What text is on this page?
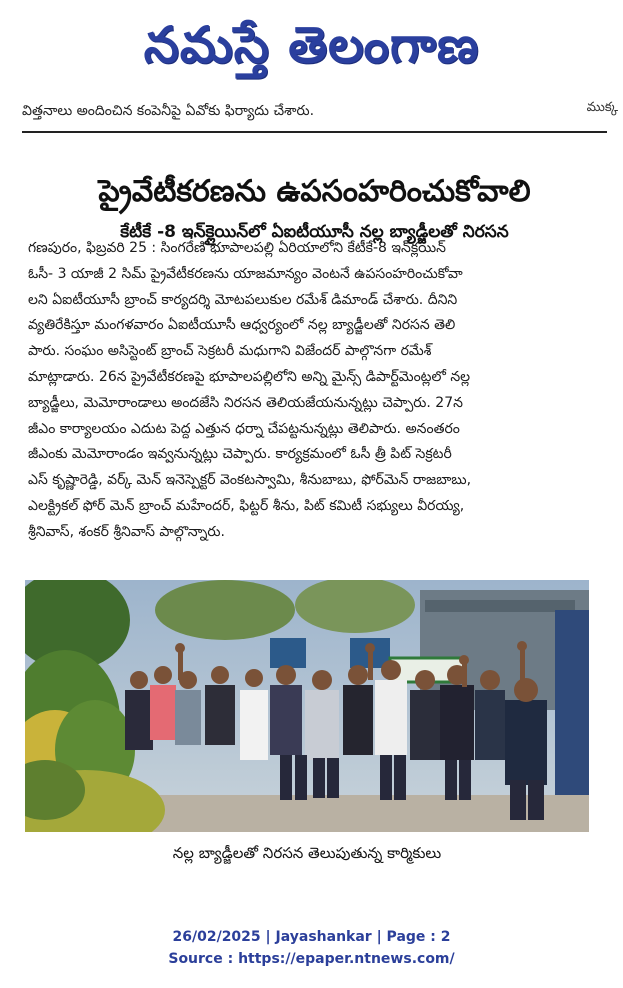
నమస్తే తెలంగాణ
విత్తనాలు అందించిన కంపెనీపై ఏవోకు ఫిర్యాదు చేశారు.	ముక్క
ప్రైవేటీకరణను ఉపసంహరించుకోవాలి
కేటీకే -8 ఇన్‌క్లైయిన్‌లో ఏఐటీయూసీ నల్ల బ్యాడ్జీలతో నిరసన
గణపురం, ఫిబ్రవరి 25 : సింగరేణి భూపాలపల్లి ఏరియాలోని కేటీకే-8 ఇన్‌క్లయిన్
ఓసీ- 3 యాజీ 2 సిమ్ ప్రైవేటీకరణను యాజమాన్యం వెంటనే ఉపసంహరించుకోవా
లని ఏఐటీయూసీ బ్రాంచ్ కార్యదర్శి మోటపలుకుల రమేశ్ డిమాండ్ చేశారు. దీనిని
వ్యతిరేకిస్తూ మంగళవారం ఏఐటీయూసీ ఆధ్వర్యంలో నల్ల బ్యాడ్జీలతో నిరసన తెలి
పారు. సంఘం అసిస్టెంట్ బ్రాంచ్ సెక్రటరీ మధుగాని విజేందర్ పాల్గొనగా రమేశ్
మాట్లాడారు. 26న ప్రైవేటీకరణపై భూపాలపల్లిలోని అన్ని మైన్స్ డిపార్ట్‌మెంట్లలో నల్ల
బ్యాడ్జీలు, మెమోరాండాలు అందజేసి నిరసన తెలియజేయనున్నట్లు చెప్పారు. 27న
జీఎం కార్యాలయం ఎదుట పెద్ద ఎత్తున ధర్నా చేపట్టనున్నట్లు తెలిపారు. అనంతరం
జీఎంకు మెమోరాండం ఇవ్వనున్నట్లు చెప్పారు. కార్యక్రమంలో ఓసీ త్రీ పిట్ సెక్రటరీ
ఎస్ కృష్ణారెడ్డి, వర్క్ మెన్ ఇనెస్పెక్టర్ వెంకటస్వామి, శీనుబాబు, ఫోర్‌మెన్ రాజబాబు,
ఎలక్ట్రికల్ ఫోర్ మెన్ బ్రాంచ్ మహేందర్, ఫిట్టర్ శీను, పిట్ కమిటీ సభ్యులు వీరయ్య,
శ్రీనివాస్, శంకర్ శ్రీనివాస్ పాల్గొన్నారు.
నల్ల బ్యాడ్జీలతో నిరసన తెలుపుతున్న కార్మికులు
26/02/2025 | Jayashankar | Page : 2
Source : https://epaper.ntnews.com/
